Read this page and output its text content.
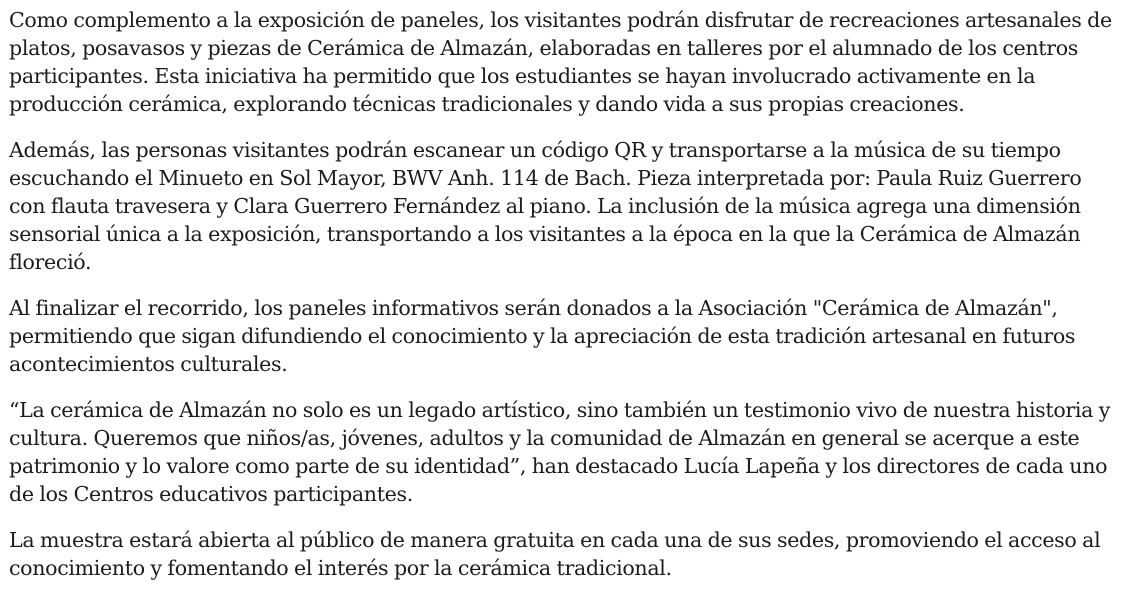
Como complemento a la exposición de paneles, los visitantes podrán disfrutar de recreaciones artesanales de platos, posavasos y piezas de Cerámica de Almazán, elaboradas en talleres por el alumnado de los centros participantes. Esta iniciativa ha permitido que los estudiantes se hayan involucrado activamente en la producción cerámica, explorando técnicas tradicionales y dando vida a sus propias creaciones.

Además, las personas visitantes podrán escanear un código QR y transportarse a la música de su tiempo escuchando el Minueto en Sol Mayor, BWV Anh. 114 de Bach. Pieza interpretada por: Paula Ruiz Guerrero con flauta travesera y Clara Guerrero Fernández al piano. La inclusión de la música agrega una dimensión sensorial única a la exposición, transportando a los visitantes a la época en la que la Cerámica de Almazán floreció.

Al finalizar el recorrido, los paneles informativos serán donados a la Asociación "Cerámica de Almazán", permitiendo que sigan difundiendo el conocimiento y la apreciación de esta tradición artesanal en futuros acontecimientos culturales.

“La cerámica de Almazán no solo es un legado artístico, sino también un testimonio vivo de nuestra historia y cultura. Queremos que niños/as, jóvenes, adultos y la comunidad de Almazán en general se acerque a este patrimonio y lo valore como parte de su identidad”, han destacado Lucía Lapeña y los directores de cada uno de los Centros educativos participantes.

La muestra estará abierta al público de manera gratuita en cada una de sus sedes, promoviendo el acceso al conocimiento y fomentando el interés por la cerámica tradicional.
